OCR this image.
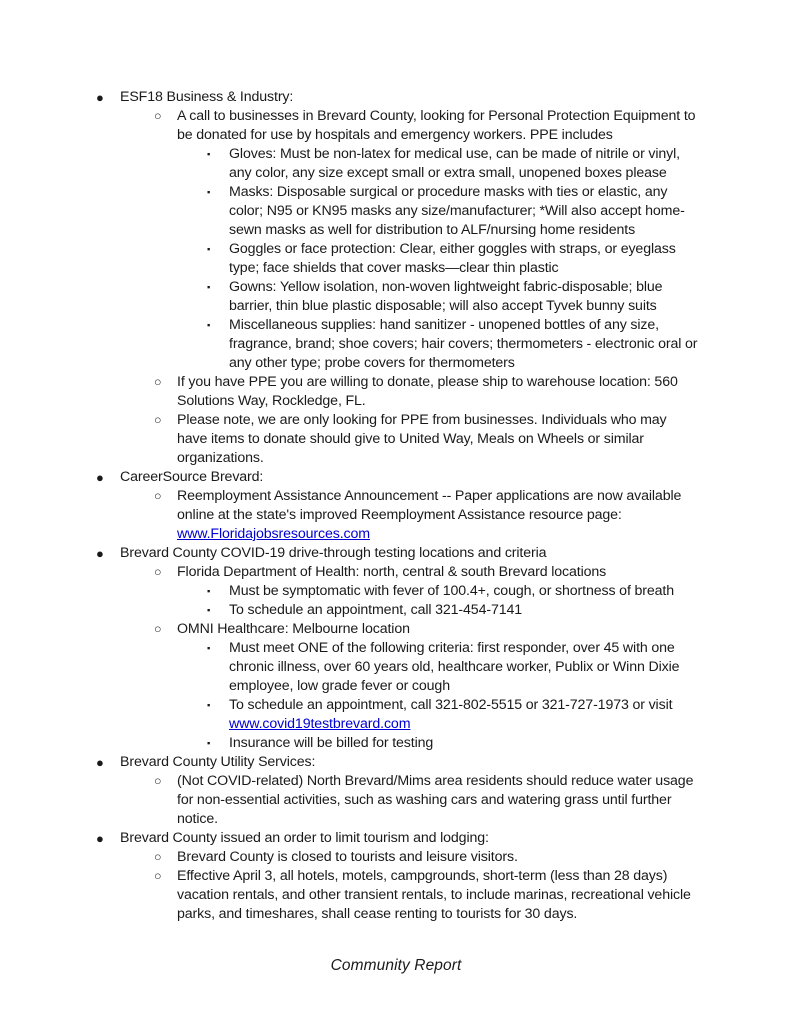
●	ESF18 Business & Industry:
○	A call to businesses in Brevard County, looking for Personal Protection Equipment to be donated for use by hospitals and emergency workers. PPE includes
▪	Gloves: Must be non-latex for medical use, can be made of nitrile or vinyl, any color, any size except small or extra small, unopened boxes please
▪	Masks: Disposable surgical or procedure masks with ties or elastic, any color; N95 or KN95 masks any size/manufacturer; *Will also accept home-sewn masks as well for distribution to ALF/nursing home residents
▪	Goggles or face protection: Clear, either goggles with straps, or eyeglass type; face shields that cover masks—clear thin plastic
▪	Gowns: Yellow isolation, non-woven lightweight fabric-disposable; blue barrier, thin blue plastic disposable; will also accept Tyvek bunny suits
▪	Miscellaneous supplies: hand sanitizer - unopened bottles of any size, fragrance, brand; shoe covers; hair covers; thermometers - electronic oral or any other type; probe covers for thermometers
○	If you have PPE you are willing to donate, please ship to warehouse location: 560 Solutions Way, Rockledge, FL.
○	Please note, we are only looking for PPE from businesses. Individuals who may have items to donate should give to United Way, Meals on Wheels or similar organizations.
●	CareerSource Brevard:
○	Reemployment Assistance Announcement -- Paper applications are now available online at the state's improved Reemployment Assistance resource page: www.Floridajobsresources.com
●	Brevard County COVID-19 drive-through testing locations and criteria
○	Florida Department of Health: north, central & south Brevard locations
▪	Must be symptomatic with fever of 100.4+, cough, or shortness of breath
▪	To schedule an appointment, call 321-454-7141
○	OMNI Healthcare: Melbourne location
▪	Must meet ONE of the following criteria: first responder, over 45 with one chronic illness, over 60 years old, healthcare worker, Publix or Winn Dixie employee, low grade fever or cough
▪	To schedule an appointment, call 321-802-5515 or 321-727-1973 or visit www.covid19testbrevard.com
▪	Insurance will be billed for testing
●	Brevard County Utility Services:
○	(Not COVID-related) North Brevard/Mims area residents should reduce water usage for non-essential activities, such as washing cars and watering grass until further notice.
●	Brevard County issued an order to limit tourism and lodging:
○	Brevard County is closed to tourists and leisure visitors.
○	Effective April 3, all hotels, motels, campgrounds, short-term (less than 28 days) vacation rentals, and other transient rentals, to include marinas, recreational vehicle parks, and timeshares, shall cease renting to tourists for 30 days.
Community Report
